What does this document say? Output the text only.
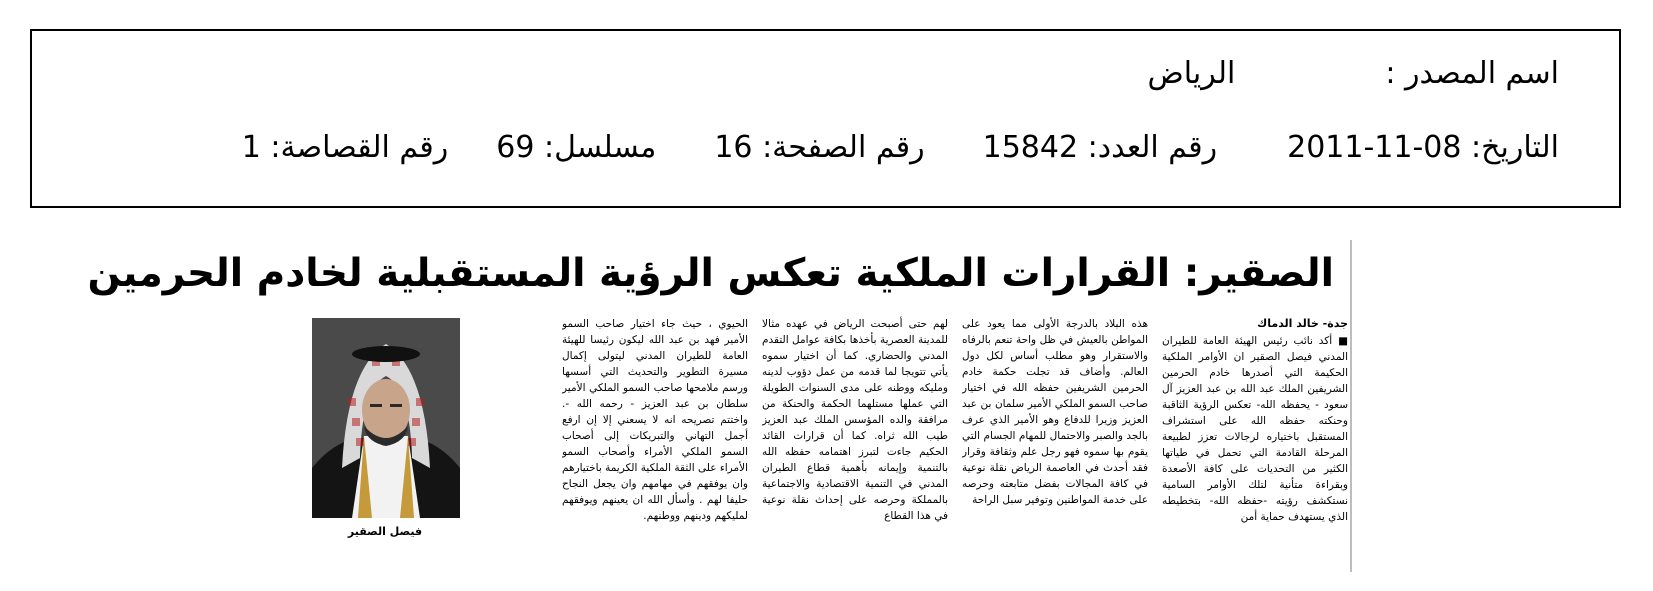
اسم المصدر :الرياض
التاريخ: 2011-11-08رقم العدد: 15842رقم الصفحة: 16مسلسل: 69رقم القصاصة: 1
الصقير: القرارات الملكية تعكس الرؤية المستقبلية لخادم الحرمين
جدة- خالد الدماك
■ أكد نائب رئيس الهيئة العامة للطيران المدني فيصل الصقير ان الأوامر الملكية الحكيمة التي أصدرها خادم الحرمين الشريفين الملك عبد الله بن عبد العزيز آل سعود - يحفظه الله- تعكس الرؤية الثاقبة وحنكته حفظه الله على استشراف المستقبل باختياره لرجالات تعزز لطبيعة المرحلة القادمة التي تحمل في طياتها الكثير من التحديات على كافة الأصعدة وبقراءة متأنية لتلك الأوامر السامية نستكشف رؤيته -حفظه الله- بتخطيطه الذي يستهدف حماية أمن
هذه البلاد بالدرجة الأولى مما يعود على المواطن بالعيش في ظل واحة تنعم بالرفاه والاستقرار وهو مطلب أساس لكل دول العالم. وأضاف قد تجلت حكمة خادم الحرمين الشريفين حفظه الله في اختيار صاحب السمو الملكي الأمير سلمان بن عبد العزيز وزيرا للدفاع وهو الأمير الذي عرف بالجد والصبر والاحتمال للمهام الجسام التي يقوم بها سموه فهو رجل علم وثقافة وقرار فقد أحدث في العاصمة الرياض نقلة نوعية في كافة المجالات بفضل متابعته وحرصه على خدمة المواطنين وتوفير سبل الراحة
لهم حتى أصبحت الرياض في عهده مثالا للمدينة العصرية بأخذها بكافة عوامل التقدم المدني والحضاري. كما أن اختيار سموه يأتي تتويجا لما قدمه من عمل دؤوب لدينه ومليكه ووطنه على مدى السنوات الطويلة التي عملها مستلهما الحكمة والحنكة من مرافقة والده المؤسس الملك عبد العزيز طيب الله ثراه. كما أن قرارات القائد الحكيم جاءت لتبرز اهتمامه حفظه الله بالتنمية وإيمانه بأهمية قطاع الطيران المدني في التنمية الاقتصادية والاجتماعية بالمملكة وحرصه على إحداث نقلة نوعية في هذا القطاع
الحيوي ، حيث جاء اختيار صاحب السمو الأمير فهد بن عبد الله ليكون رئيسا للهيئة العامة للطيران المدني ليتولى إكمال مسيرة التطوير والتحديث التي أسسها ورسم ملامحها صاحب السمو الملكي الأمير سلطان بن عبد العزيز - رحمه الله -. واختتم تصريحه انه لا يسعني إلا إن ارفع أجمل التهاني والتبريكات إلى أصحاب السمو الملكي الأمراء وأصحاب السمو الأمراء على الثقة الملكية الكريمة باختيارهم وان يوفقهم في مهامهم وان يجعل النجاح حليفا لهم . وأسأل الله ان يعينهم ويوفقهم لمليكهم ودينهم ووطنهم.
فيصل الصقير
